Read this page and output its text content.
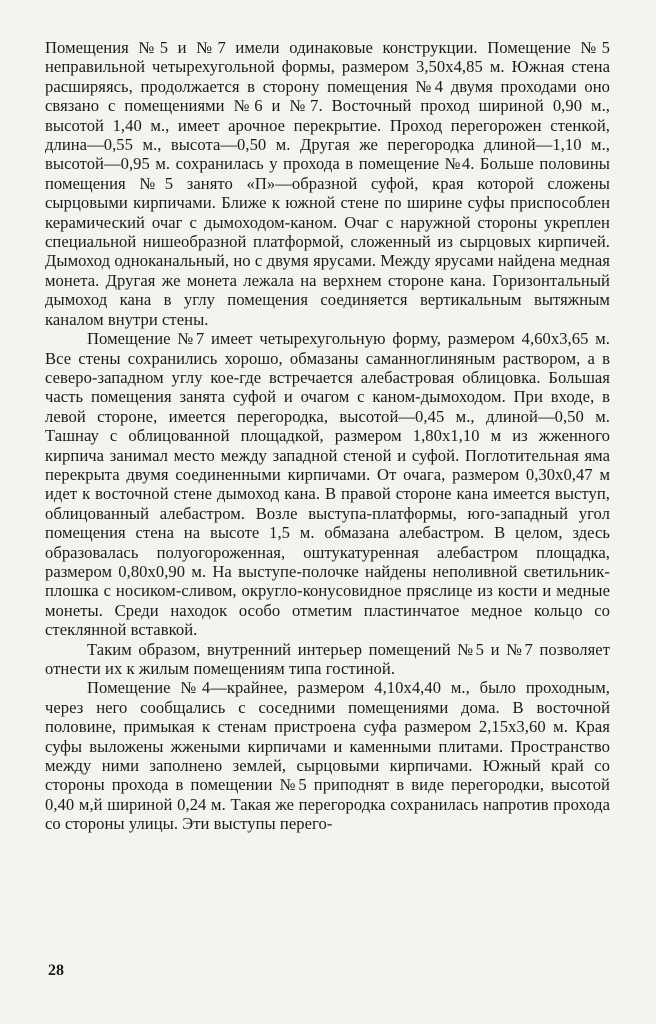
Помещения №5 и №7 имели одинаковые конструкции. Помещение №5 неправильной четырехугольной формы, размером 3,50x4,85 м. Южная стена расширяясь, продолжается в сторону помещения №4 двумя проходами оно связано с помещениями №6 и №7. Восточный проход шириной 0,90 м., высотой 1,40 м., имеет арочное перекрытие. Проход перегорожен стенкой, длина—0,55 м., высота—0,50 м. Другая же перегородка длиной—1,10 м., высотой—0,95 м. сохранилась у прохода в помещение №4. Больше половины помещения №5 занято «П»—образной суфой, края которой сложены сырцовыми кирпичами. Ближе к южной стене по ширине суфы приспособлен керамический очаг с дымоходом-каном. Очаг с наружной стороны укреплен специальной нишеобразной платформой, сложенный из сырцовых кирпичей. Дымоход одноканальный, но с двумя ярусами. Между ярусами найдена медная монета. Другая же монета лежала на верхнем стороне кана. Горизонтальный дымоход кана в углу помещения соединяется вертикальным вытяжным каналом внутри стены.

Помещение №7 имеет четырехугольную форму, размером 4,60x3,65 м. Все стены сохранились хорошо, обмазаны саманноглиняным раствором, а в северо-западном углу кое-где встречается алебастровая облицовка. Большая часть помещения занята суфой и очагом с каном-дымоходом. При входе, в левой стороне, имеется перегородка, высотой—0,45 м., длиной—0,50 м. Ташнау с облицованной площадкой, размером 1,80x1,10 м из жженного кирпича занимал место между западной стеной и суфой. Поглотительная яма перекрыта двумя соединенными кирпичами. От очага, размером 0,30x0,47 м идет к восточной стене дымоход кана. В правой стороне кана имеется выступ, облицованный алебастром. Возле выступа-платформы, юго-западный угол помещения стена на высоте 1,5 м. обмазана алебастром. В целом, здесь образовалась полуогороженная, оштукатуренная алебастром площадка, размером 0,80x0,90 м. На выступе-полочке найдены неполивной светильник-плошка с носиком-сливом, округло-конусовидное пряслице из кости и медные монеты. Среди находок особо отметим пластинчатое медное кольцо со стеклянной вставкой.

Таким образом, внутренний интерьер помещений №5 и №7 позволяет отнести их к жилым помещениям типа гостиной.

Помещение №4—крайнее, размером 4,10x4,40 м., было проходным, через него сообщались с соседними помещениями дома. В восточной половине, примыкая к стенам пристроена суфа размером 2,15x3,60 м. Края суфы выложены жжеными кирпичами и каменными плитами. Пространство между ними заполнено землей, сырцовыми кирпичами. Южный край со стороны прохода в помещении №5 приподнят в виде перегородки, высотой 0,40 м,й шириной 0,24 м. Такая же перегородка сохранилась напротив прохода со стороны улицы. Эти выступы перего-

28
